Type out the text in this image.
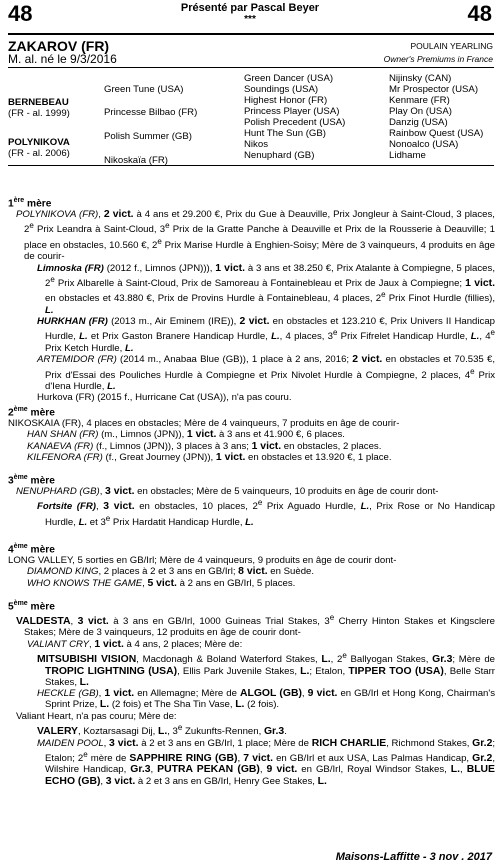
48	48
Présenté par Pascal Beyer
***
ZAKAROV (FR)
M. al. né le 9/3/2016
POULAIN YEARLING
Owner's Premiums in France
BERNEBEAU
(FR - al. 1999)
POLYNIKOVA
(FR - al. 2006)
Green Tune (USA)
Princesse Bilbao (FR)
Polish Summer (GB)
Nikoskaïa (FR)
Green Dancer (USA)
Soundings (USA)
Highest Honor (FR)
Princess Player (USA)
Polish Precedent (USA)
Hunt The Sun (GB)
Nikos
Nenuphard (GB)
Nijinsky (CAN)
Mr Prospector (USA)
Kenmare (FR)
Play On (USA)
Danzig (USA)
Rainbow Quest (USA)
Nonoalco (USA)
Lidhame
1ère mère

POLYNIKOVA (FR), 2 vict. à 4 ans et 29.200 €, Prix du Gue à Deauville, Prix Jongleur à Saint-Cloud, 3 places, 2e Prix Leandra à Saint-Cloud, 3e Prix de la Gratte Panche à Deauville et Prix de la Rousserie à Deauville; 1 place en obstacles, 10.560 €, 2e Prix Marise Hurdle à Enghien-Soisy; Mère de 3 vainqueurs, 4 produits en âge de courir-

Limnoska (FR) (2012 f., Limnos (JPN))), 1 vict. à 3 ans et 38.250 €, Prix Atalante à Compiegne, 5 places, 2e Prix Albarelle à Saint-Cloud, Prix de Samoreau à Fontainebleau et Prix de Jaux à Compiegne; 1 vict. en obstacles et 43.880 €, Prix de Provins Hurdle à Fontainebleau, 4 places, 2e Prix Finot Hurdle (fillies), L.

HURKHAN (FR) (2013 m., Air Eminem (IRE)), 2 vict. en obstacles et 123.210 €, Prix Univers II Handicap Hurdle, L. et Prix Gaston Branere Handicap Hurdle, L., 4 places, 3e Prix Fifrelet Handicap Hurdle, L., 4e Prix Ketch Hurdle, L.

ARTEMIDOR (FR) (2014 m., Anabaa Blue (GB)), 1 place à 2 ans, 2016; 2 vict. en obstacles et 70.535 €, Prix d'Essai des Pouliches Hurdle à Compiegne et Prix Nivolet Hurdle à Compiegne, 2 places, 4e Prix d'Iena Hurdle, L.

Hurkova (FR) (2015 f., Hurricane Cat (USA)), n'a pas couru.

2ème mère

NIKOSKAIA (FR), 4 places en obstacles; Mère de 4 vainqueurs, 7 produits en âge de courir-

HAN SHAN (FR) (m., Limnos (JPN)), 1 vict. à 3 ans et 41.900 €, 6 places.

KANAEVA (FR) (f., Limnos (JPN)), 3 places à 3 ans; 1 vict. en obstacles, 2 places.

KILFENORA (FR) (f., Great Journey (JPN)), 1 vict. en obstacles et 13.920 €, 1 place.

3ème mère

NENUPHARD (GB), 3 vict. en obstacles; Mère de 5 vainqueurs, 10 produits en âge de courir dont-

Fortsite (FR), 3 vict. en obstacles, 10 places, 2e Prix Aguado Hurdle, L., Prix Rose or No Handicap Hurdle, L. et 3e Prix Hardatit Handicap Hurdle, L.

4ème mère

LONG VALLEY, 5 sorties en GB/Irl; Mère de 4 vainqueurs, 9 produits en âge de courir dont-

DIAMOND KING, 2 places à 2 et 3 ans en GB/Irl; 8 vict. en Suède.

WHO KNOWS THE GAME, 5 vict. à 2 ans en GB/Irl, 5 places.

5ème mère

VALDESTA, 3 vict. à 3 ans en GB/Irl, 1000 Guineas Trial Stakes, 3e Cherry Hinton Stakes et Kingsclere Stakes; Mère de 3 vainqueurs, 12 produits en âge de courir dont-

VALIANT CRY, 1 vict. à 4 ans, 2 places; Mère de:

MITSUBISHI VISION, Macdonagh & Boland Waterford Stakes, L., 2e Ballyogan Stakes, Gr.3; Mère de TROPIC LIGHTNING (USA), Ellis Park Juvenile Stakes, L.; Etalon, TIPPER TOO (USA), Belle Starr Stakes, L.

HECKLE (GB), 1 vict. en Allemagne; Mère de ALGOL (GB), 9 vict. en GB/Irl et Hong Kong, Chairman's Sprint Prize, L. (2 fois) et The Sha Tin Vase, L. (2 fois).

Valiant Heart, n'a pas couru; Mère de:

VALERY, Koztarsasagi Dij, L., 3e Zukunfts-Rennen, Gr.3.

MAIDEN POOL, 3 vict. à 2 et 3 ans en GB/Irl, 1 place; Mère de RICH CHARLIE, Richmond Stakes, Gr.2; Etalon; 2e mère de SAPPHIRE RING (GB), 7 vict. en GB/Irl et aux USA, Las Palmas Handicap, Gr.2, Wilshire Handicap, Gr.3, PUTRA PEKAN (GB), 9 vict. en GB/Irl, Royal Windsor Stakes, L., BLUE ECHO (GB), 3 vict. à 2 et 3 ans en GB/Irl, Henry Gee Stakes, L.

Maisons-Laffitte - 3 nov . 2017
